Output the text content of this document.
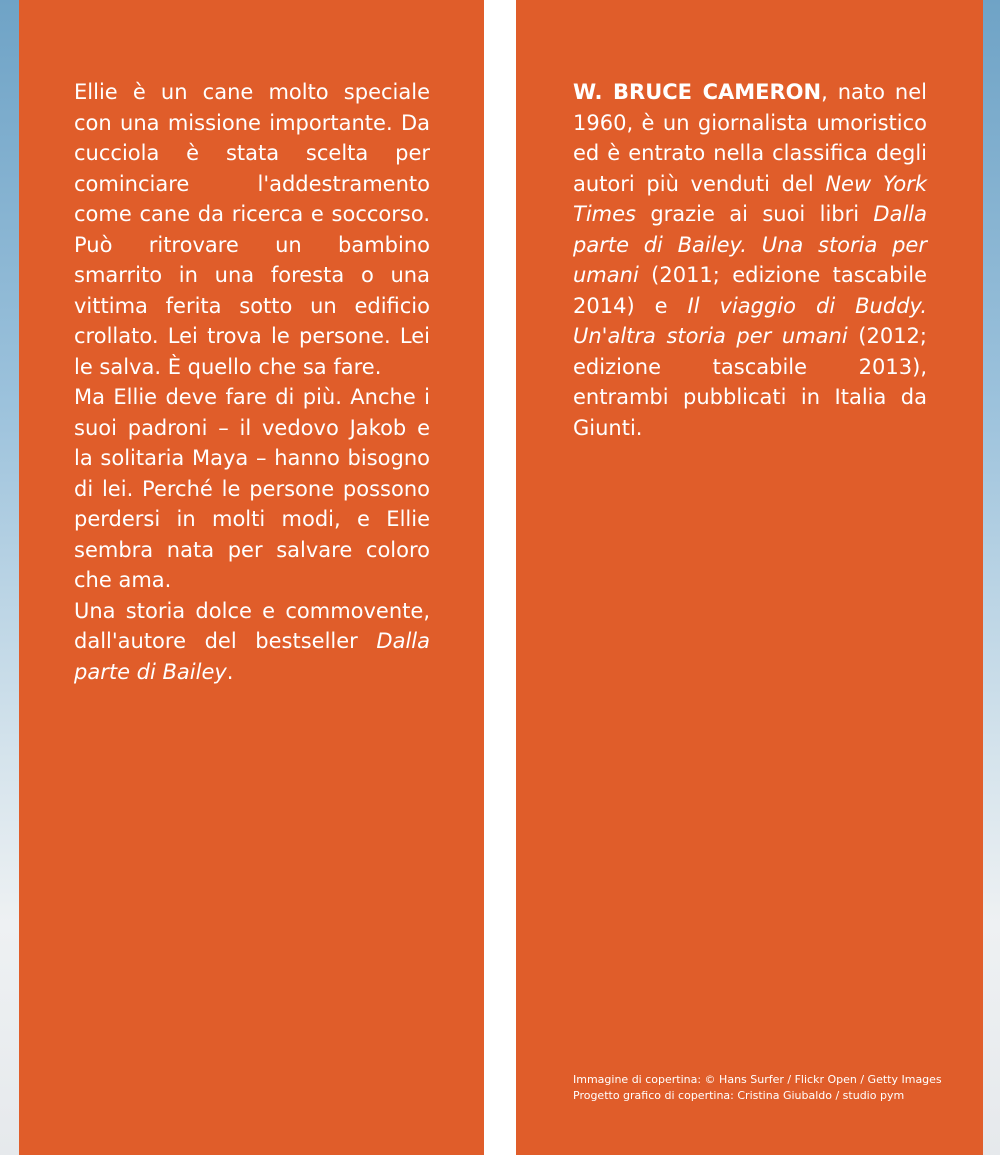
Ellie è un cane molto speciale con una missione importante. Da cucciola è stata scelta per cominciare l'addestramento come cane da ricerca e soccorso. Può ritrovare un bambino smarrito in una foresta o una vittima ferita sotto un edificio crollato. Lei trova le persone. Lei le salva. È quello che sa fare.

Ma Ellie deve fare di più. Anche i suoi padroni – il vedovo Jakob e la solitaria Maya – hanno bisogno di lei. Perché le persone possono perdersi in molti modi, e Ellie sembra nata per salvare coloro che ama.

Una storia dolce e commovente, dall'autore del bestseller Dalla parte di Bailey.

W. BRUCE CAMERON, nato nel 1960, è un giornalista umoristico ed è entrato nella classifica degli autori più venduti del New York Times grazie ai suoi libri Dalla parte di Bailey. Una storia per umani (2011; edizione tascabile 2014) e Il viaggio di Buddy. Un'altra storia per umani (2012; edizione tascabile 2013), entrambi pubblicati in Italia da Giunti.

Immagine di copertina: © Hans Surfer / Flickr Open / Getty Images
Progetto grafico di copertina: Cristina Giubaldo / studio pym
